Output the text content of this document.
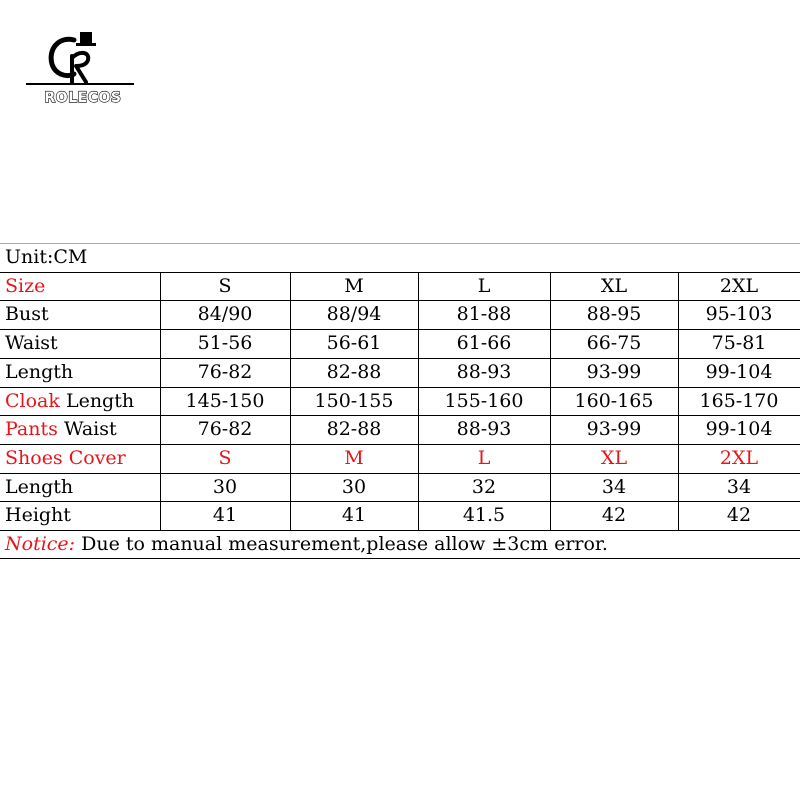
ROLECOS
Unit:CM
Size	S	M	L	XL	2XL
Bust	84/90	88/94	81-88	88-95	95-103
Waist	51-56	56-61	61-66	66-75	75-81
Length	76-82	82-88	88-93	93-99	99-104
Cloak Length	145-150	150-155	155-160	160-165	165-170
Pants Waist	76-82	82-88	88-93	93-99	99-104
Shoes Cover	S	M	L	XL	2XL
Length	30	30	32	34	34
Height	41	41	41.5	42	42
Notice: Due to manual measurement,please allow ±3cm error.
